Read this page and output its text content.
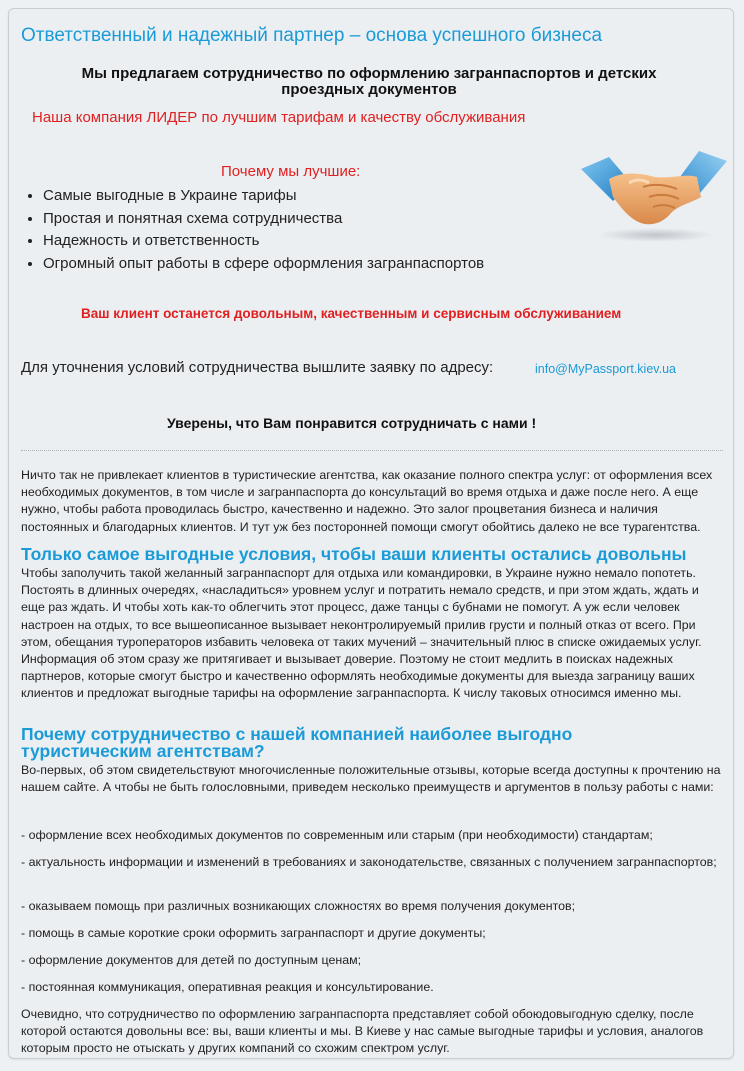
Ответственный и надежный партнер – основа успешного бизнеса
Мы предлагаем сотрудничество по оформлению загранпаспортов и детских проездных документов
Наша компания ЛИДЕР по лучшим тарифам и качеству обслуживания
Почему мы лучшие:
• Самые выгодные в Украине тарифы
• Простая и понятная схема сотрудничества
• Надежность и ответственность
• Огромный опыт работы в сфере оформления загранпаспортов
Ваш клиент останется довольным, качественным и сервисным обслуживанием
Для уточнения условий сотрудничества вышлите заявку по адресу:	info@MyPassport.kiev.ua
Уверены, что Вам понравится сотрудничать с нами !

Ничто так не привлекает клиентов в туристические агентства, как оказание полного спектра услуг: от оформления всех необходимых документов, в том числе и загранпаспорта до консультаций во время отдыха и даже после него. А еще нужно, чтобы работа проводилась быстро, качественно и надежно. Это залог процветания бизнеса и наличия постоянных и благодарных клиентов. И тут уж без посторонней помощи смогут обойтись далеко не все турагентства.

Только самое выгодные условия, чтобы ваши клиенты остались довольны

Чтобы заполучить такой желанный загранпаспорт для отдыха или командировки, в Украине нужно немало попотеть. Постоять в длинных очередях, «насладиться» уровнем услуг и потратить немало средств, и при этом ждать, ждать и еще раз ждать. И чтобы хоть как-то облегчить этот процесс, даже танцы с бубнами не помогут. А уж если человек настроен на отдых, то все вышеописанное вызывает неконтролируемый прилив грусти и полный отказ от всего. При этом, обещания туроператоров избавить человека от таких мучений – значительный плюс в списке ожидаемых услуг. Информация об этом сразу же притягивает и вызывает доверие. Поэтому не стоит медлить в поисках надежных партнеров, которые смогут быстро и качественно оформлять необходимые документы для выезда заграницу ваших клиентов и предложат выгодные тарифы на оформление загранпаспорта. К числу таковых относимся именно мы.

Почему сотрудничество с нашей компанией наиболее выгодно туристическим агентствам?

Во-первых, об этом свидетельствуют многочисленные положительные отзывы, которые всегда доступны к прочтению на нашем сайте. А чтобы не быть голословными, приведем несколько преимуществ и аргументов в пользу работы с нами:

- оформление всех необходимых документов по современным или старым (при необходимости) стандартам;

- актуальность информации и изменений в требованиях и законодательстве, связанных с получением загранпаспортов;

- оказываем помощь при различных возникающих сложностях во время получения документов;

- помощь в самые короткие сроки оформить загранпаспорт и другие документы;

- оформление документов для детей по доступным ценам;

- постоянная коммуникация, оперативная реакция и консультирование.

Очевидно, что сотрудничество по оформлению загранпаспорта представляет собой обоюдовыгодную сделку, после которой остаются довольны все: вы, ваши клиенты и мы. В Киеве у нас самые выгодные тарифы и условия, аналогов которым просто не отыскать у других компаний со схожим спектром услуг.
